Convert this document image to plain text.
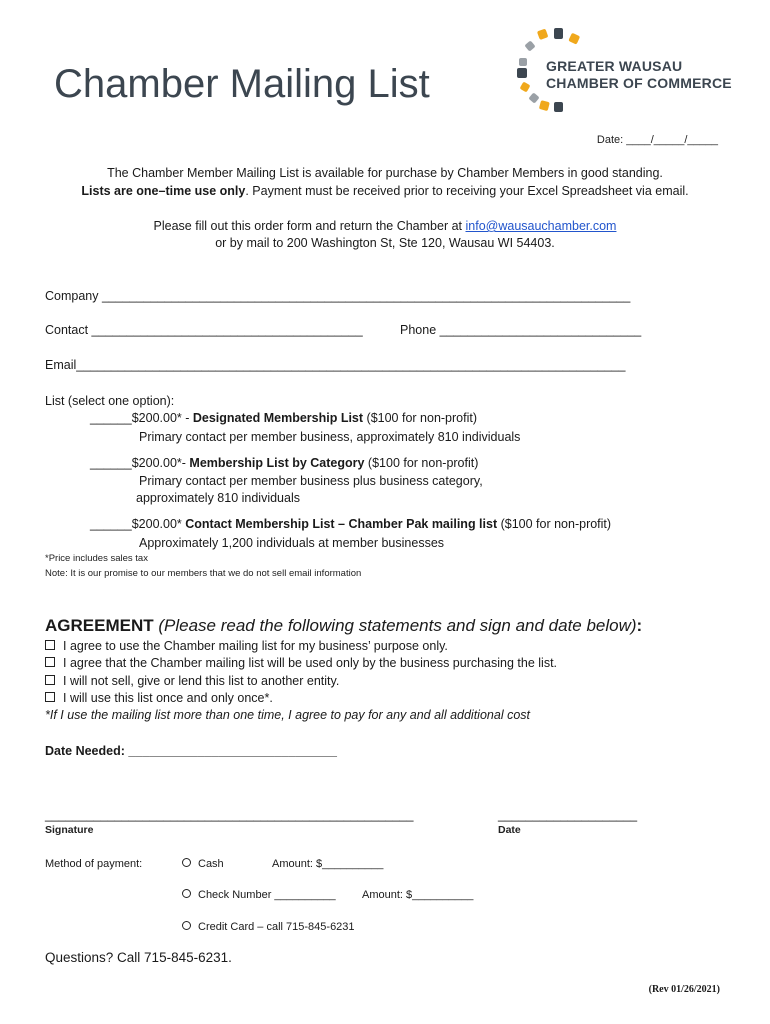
Chamber Mailing List	GREATER WAUSAU
CHAMBER OF COMMERCE
Date: ____/_____/_____
The Chamber Member Mailing List is available for purchase by Chamber Members in good standing.
Lists are one–time use only. Payment must be received prior to receiving your Excel Spreadsheet via email.
Please fill out this order form and return the Chamber at info@wausauchamber.com
or by mail to 200 Washington St, Ste 120, Wausau WI 54403.
Company ____________________________________________________________________________
Contact _______________________________________	Phone _____________________________
Email_______________________________________________________________________________
List (select one option):
______$200.00* - Designated Membership List ($100 for non-profit)
Primary contact per member business, approximately 810 individuals
______$200.00*- Membership List by Category ($100 for non-profit)
Primary contact per member business plus business category,
approximately 810 individuals
______$200.00* Contact Membership List – Chamber Pak mailing list ($100 for non-profit)
Approximately 1,200 individuals at member businesses
*Price includes sales tax
Note: It is our promise to our members that we do not sell email information
AGREEMENT (Please read the following statements and sign and date below):
I agree to use the Chamber mailing list for my business’ purpose only.
I agree that the Chamber mailing list will be used only by the business purchasing the list.
I will not sell, give or lend this list to another entity.
I will use this list once and only once*.
*If I use the mailing list more than one time, I agree to pay for any and all additional cost
Date Needed: ______________________________
_____________________________________________________
Signature
____________________
Date
Method of payment:	Cash	Amount: $__________
Check Number __________ Amount: $__________
Credit Card – call 715-845-6231
Questions? Call 715-845-6231.
(Rev 01/26/2021)
